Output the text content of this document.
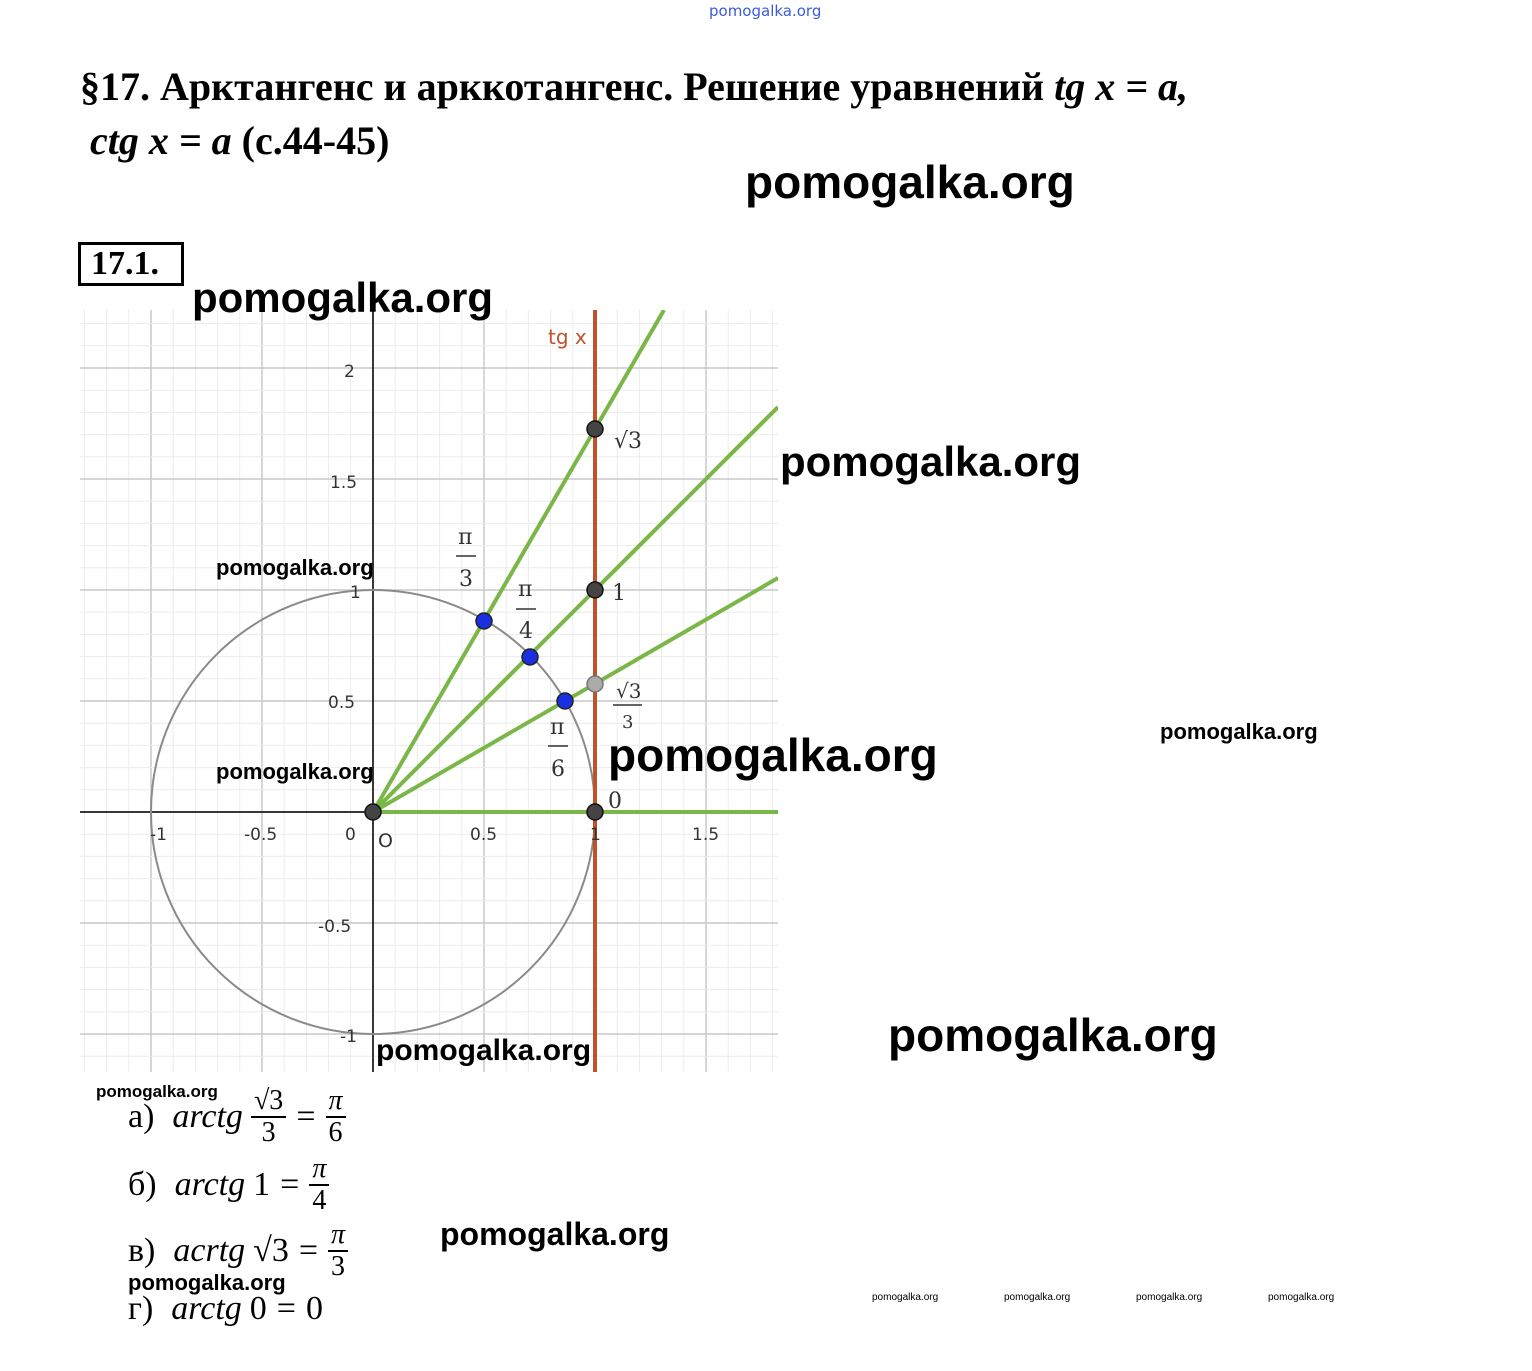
pomogalka.org
§17. Арктангенс и арккотангенс. Решение уравнений tg x = a,
ctg x = a (с.44-45)
pomogalka.org
17.1.
tg x
-1	-0.5	0	0.5	1	1.5
2
1.5
1
0.5
-0.5
-1
O
π
3 π
4
π
6
√3
1
√3
3
0
pomogalka.org
pomogalka.org
pomogalka.org
pomogalka.org	pomogalka.org	pomogalka.org
pomogalka.org
pomogalka.org
pomogalka.org
pomogalka.org
pomogalka.org
pomogalka.org	pomogalka.org	pomogalka.org	pomogalka.org
а) arctg $\frac{√3}{3} = \frac{\pi}{6}$
б) arctg $1 = \frac{\pi}{4}$
в) acrtg $√3 = \frac{\pi}{3}$
г) arctg 0 = 0
